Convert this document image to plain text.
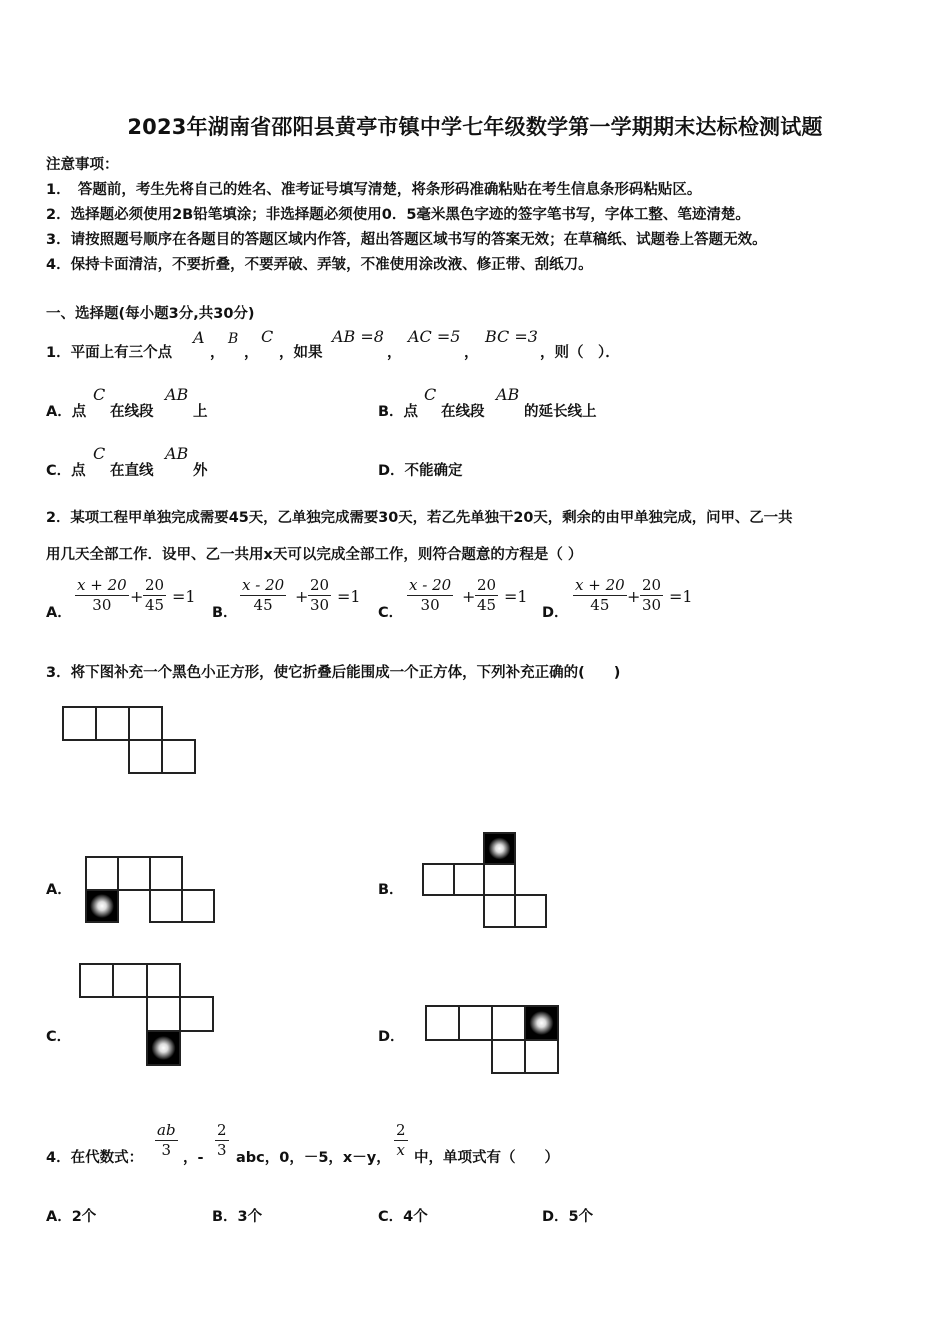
2023年湖南省邵阳县黄亭市镇中学七年级数学第一学期期末达标检测试题
注意事项：
1．　答题前，考生先将自己的姓名、准考证号填写清楚，将条形码准确粘贴在考生信息条形码粘贴区。
2．选择题必须使用2B铅笔填涂；非选择题必须使用0．5毫米黑色字迹的签字笔书写，字体工整、笔迹清楚。
3．请按照题号顺序在各题目的答题区域内作答，超出答题区域书写的答案无效；在草稿纸、试题卷上答题无效。
4．保持卡面清洁，不要折叠，不要弄破、弄皱，不准使用涂改液、修正带、刮纸刀。
一、选择题(每小题3分,共30分)
1．平面上有三个点
A
，
B
，
C
，如果
AB =8
，
AC =5
，
BC =3
，则（　）．
A．点
C
在线段
AB
上	B．点
C
在线段
AB
的延长线上
C．点
C
在直线
AB
外	D．不能确定
2．某项工程甲单独完成需要45天，乙单独完成需要30天，若乙先单独干20天，剩余的由甲单独完成，问甲、乙一共
用几天全部工作．设甲、乙一共用x天可以完成全部工作，则符合题意的方程是（ ）
A． $\frac{x + 20}{30} + \frac{20}{45} =1$
B． $\frac{x - 20}{45} + \frac{20}{30} =1$
C． $\frac{x - 20}{30} + \frac{20}{45} =1$
D． $\frac{x + 20}{45} + \frac{20}{30} =1$
3．将下图补充一个黑色小正方形，使它折叠后能围成一个正方体，下列补充正确的(　　)
A．	B．
C．	D．
4．在代数式： $\frac{ab}{3}$ ，- $\frac{2}{3}$ abc，0，－5，x－y， $\frac{2}{x}$ 中，单项式有（　　）
A．2个	B．3个	C．4个	D．5个
